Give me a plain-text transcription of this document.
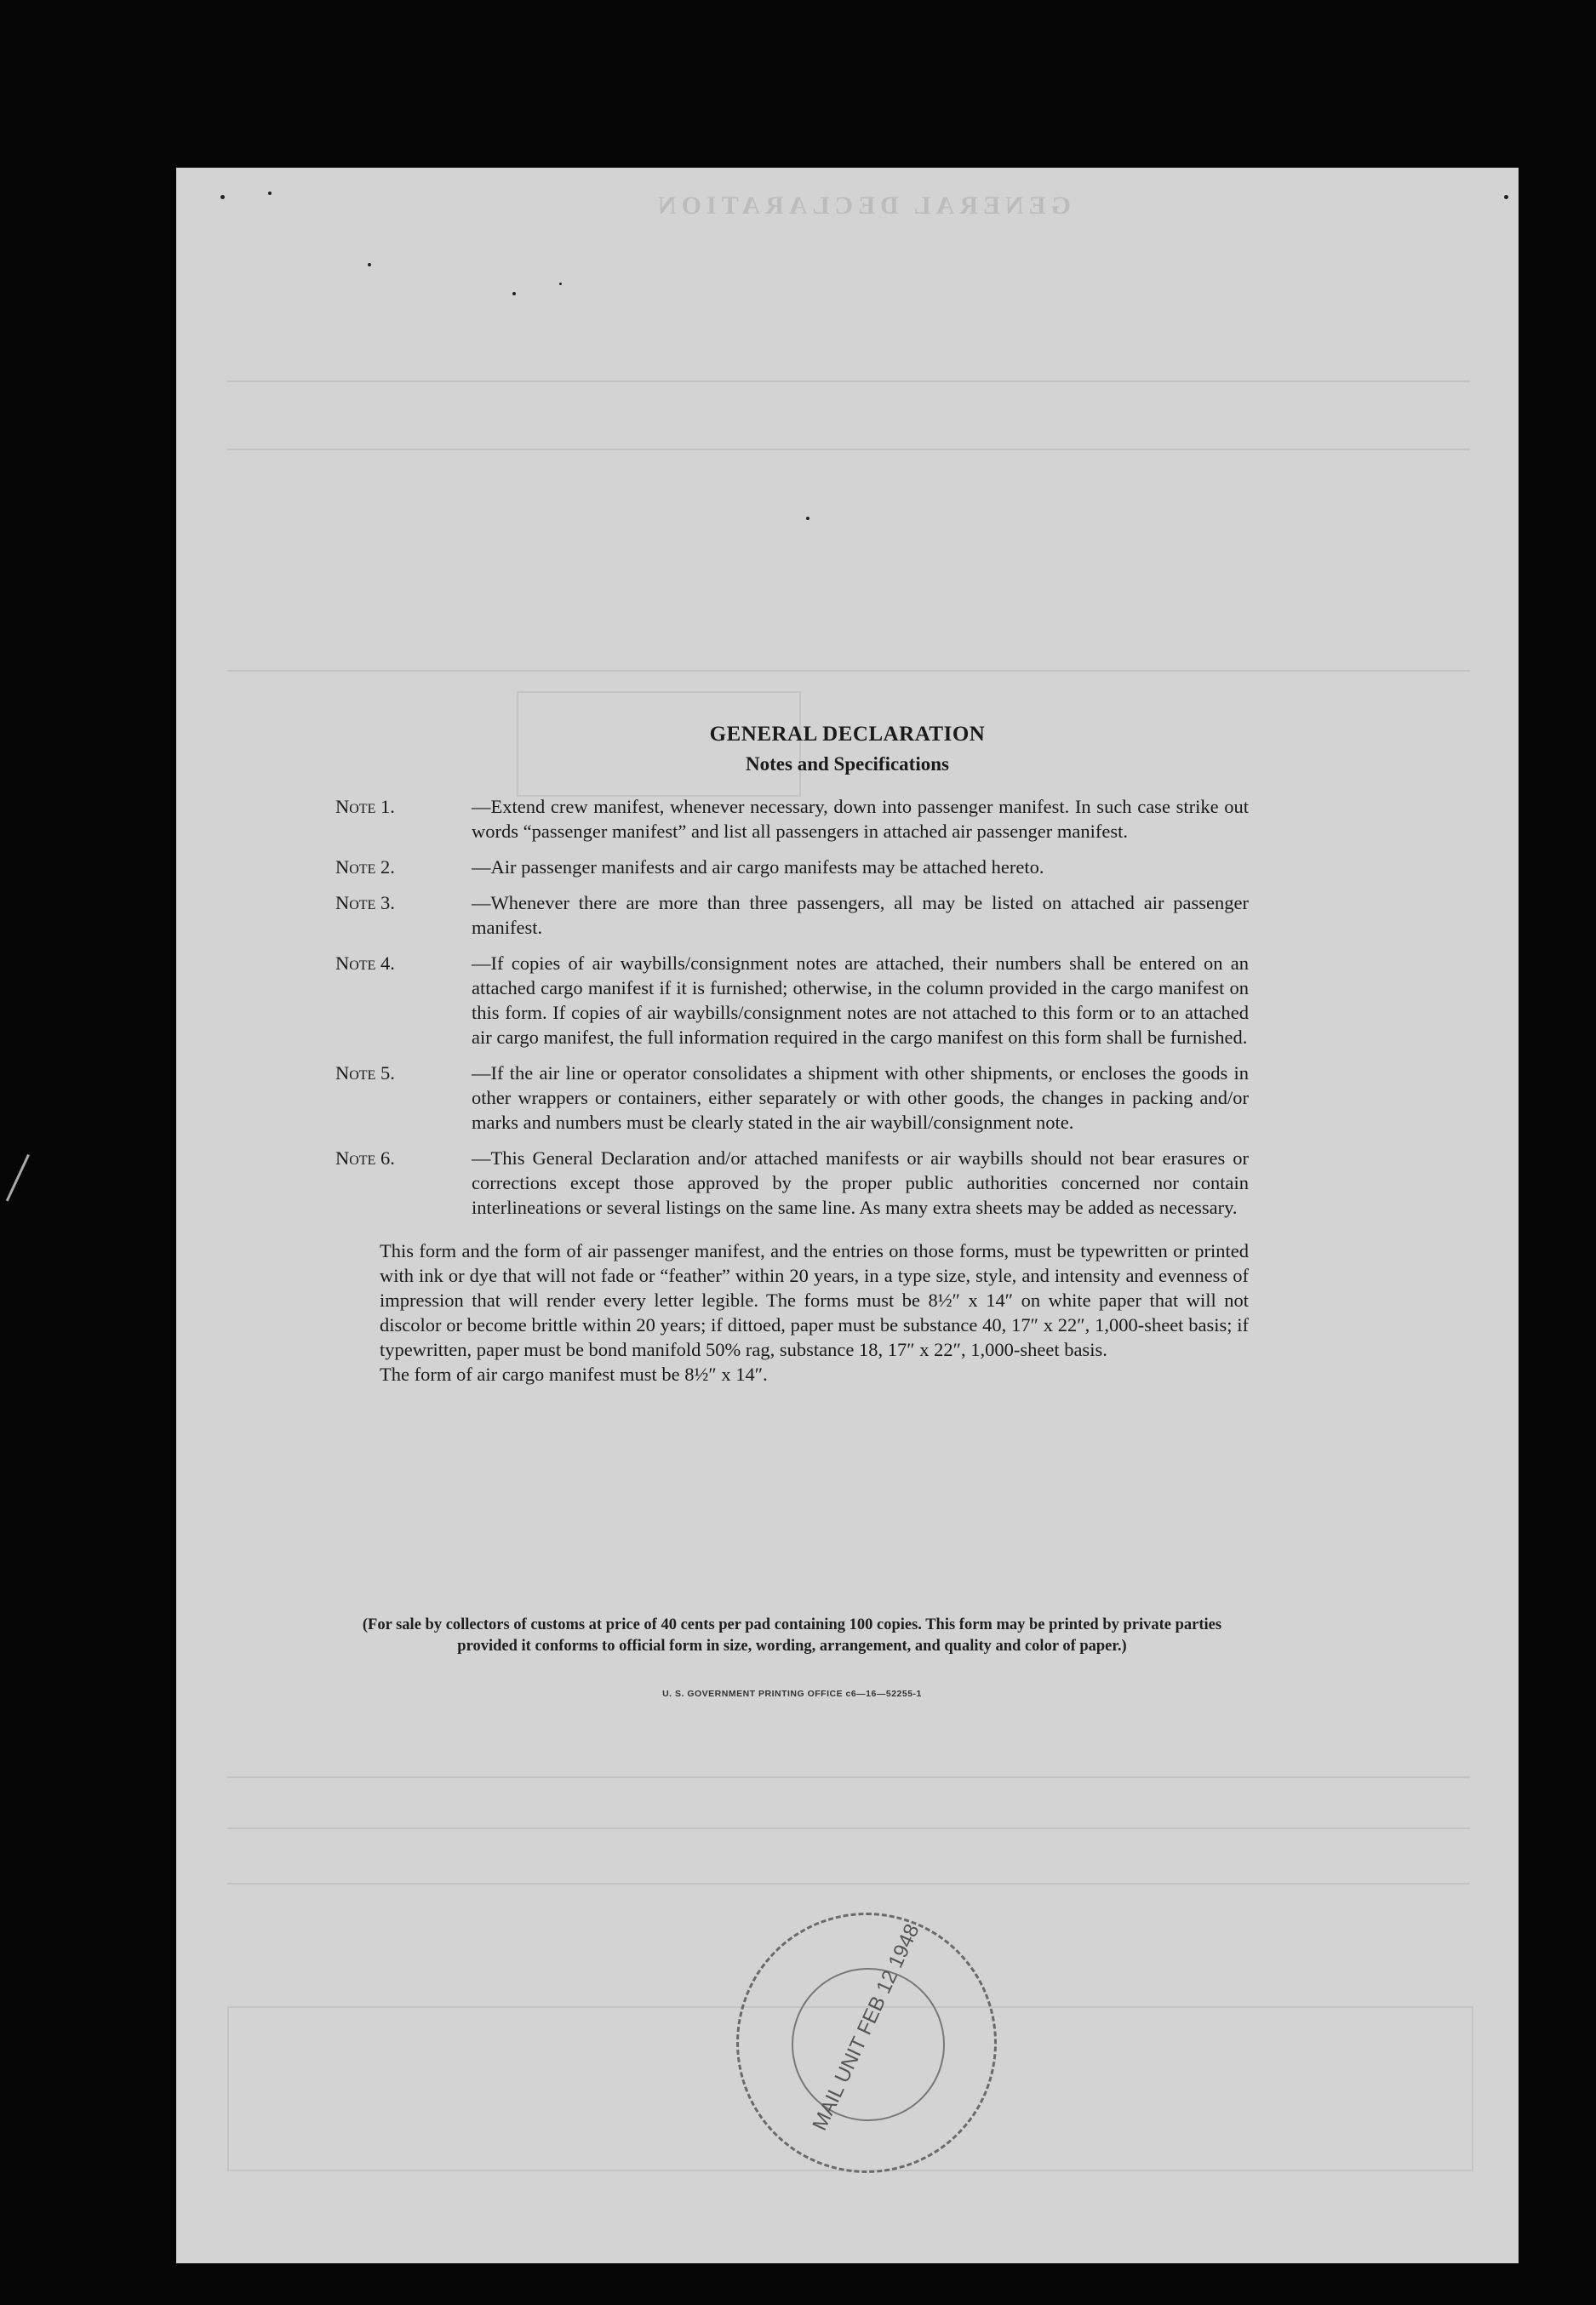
GENERAL DECLARATION
MAIL UNIT FEB 12 1948
GENERAL DECLARATION
Notes and Specifications
Note 1.	—Extend crew manifest, whenever necessary, down into passenger manifest. In such case strike out words “passenger manifest” and list all passengers in attached air passenger manifest.
Note 2.	—Air passenger manifests and air cargo manifests may be attached hereto.
Note 3.	—Whenever there are more than three passengers, all may be listed on attached air passenger manifest.
Note 4.	—If copies of air waybills/consignment notes are attached, their numbers shall be entered on an attached cargo manifest if it is furnished; otherwise, in the column provided in the cargo manifest on this form. If copies of air waybills/consignment notes are not attached to this form or to an attached air cargo manifest, the full information required in the cargo manifest on this form shall be furnished.
Note 5.	—If the air line or operator consolidates a shipment with other shipments, or encloses the goods in other wrappers or containers, either separately or with other goods, the changes in packing and/or marks and numbers must be clearly stated in the air waybill/consignment note.
Note 6.	—This General Declaration and/or attached manifests or air waybills should not bear erasures or corrections except those approved by the proper public authorities concerned nor contain interlineations or several listings on the same line. As many extra sheets may be added as necessary.
This form and the form of air passenger manifest, and the entries on those forms, must be typewritten or printed with ink or dye that will not fade or “feather” within 20 years, in a type size, style, and intensity and evenness of impression that will render every letter legible. The forms must be 8½″ x 14″ on white paper that will not discolor or become brittle within 20 years; if dittoed, paper must be substance 40, 17″ x 22″, 1,000-sheet basis; if typewritten, paper must be bond manifold 50% rag, substance 18, 17″ x 22″, 1,000-sheet basis.
The form of air cargo manifest must be 8½″ x 14″.
(For sale by collectors of customs at price of 40 cents per pad containing 100 copies. This form may be printed by private parties provided it conforms to official form in size, wording, arrangement, and quality and color of paper.)
U. S. GOVERNMENT PRINTING OFFICE c6—16—52255-1
